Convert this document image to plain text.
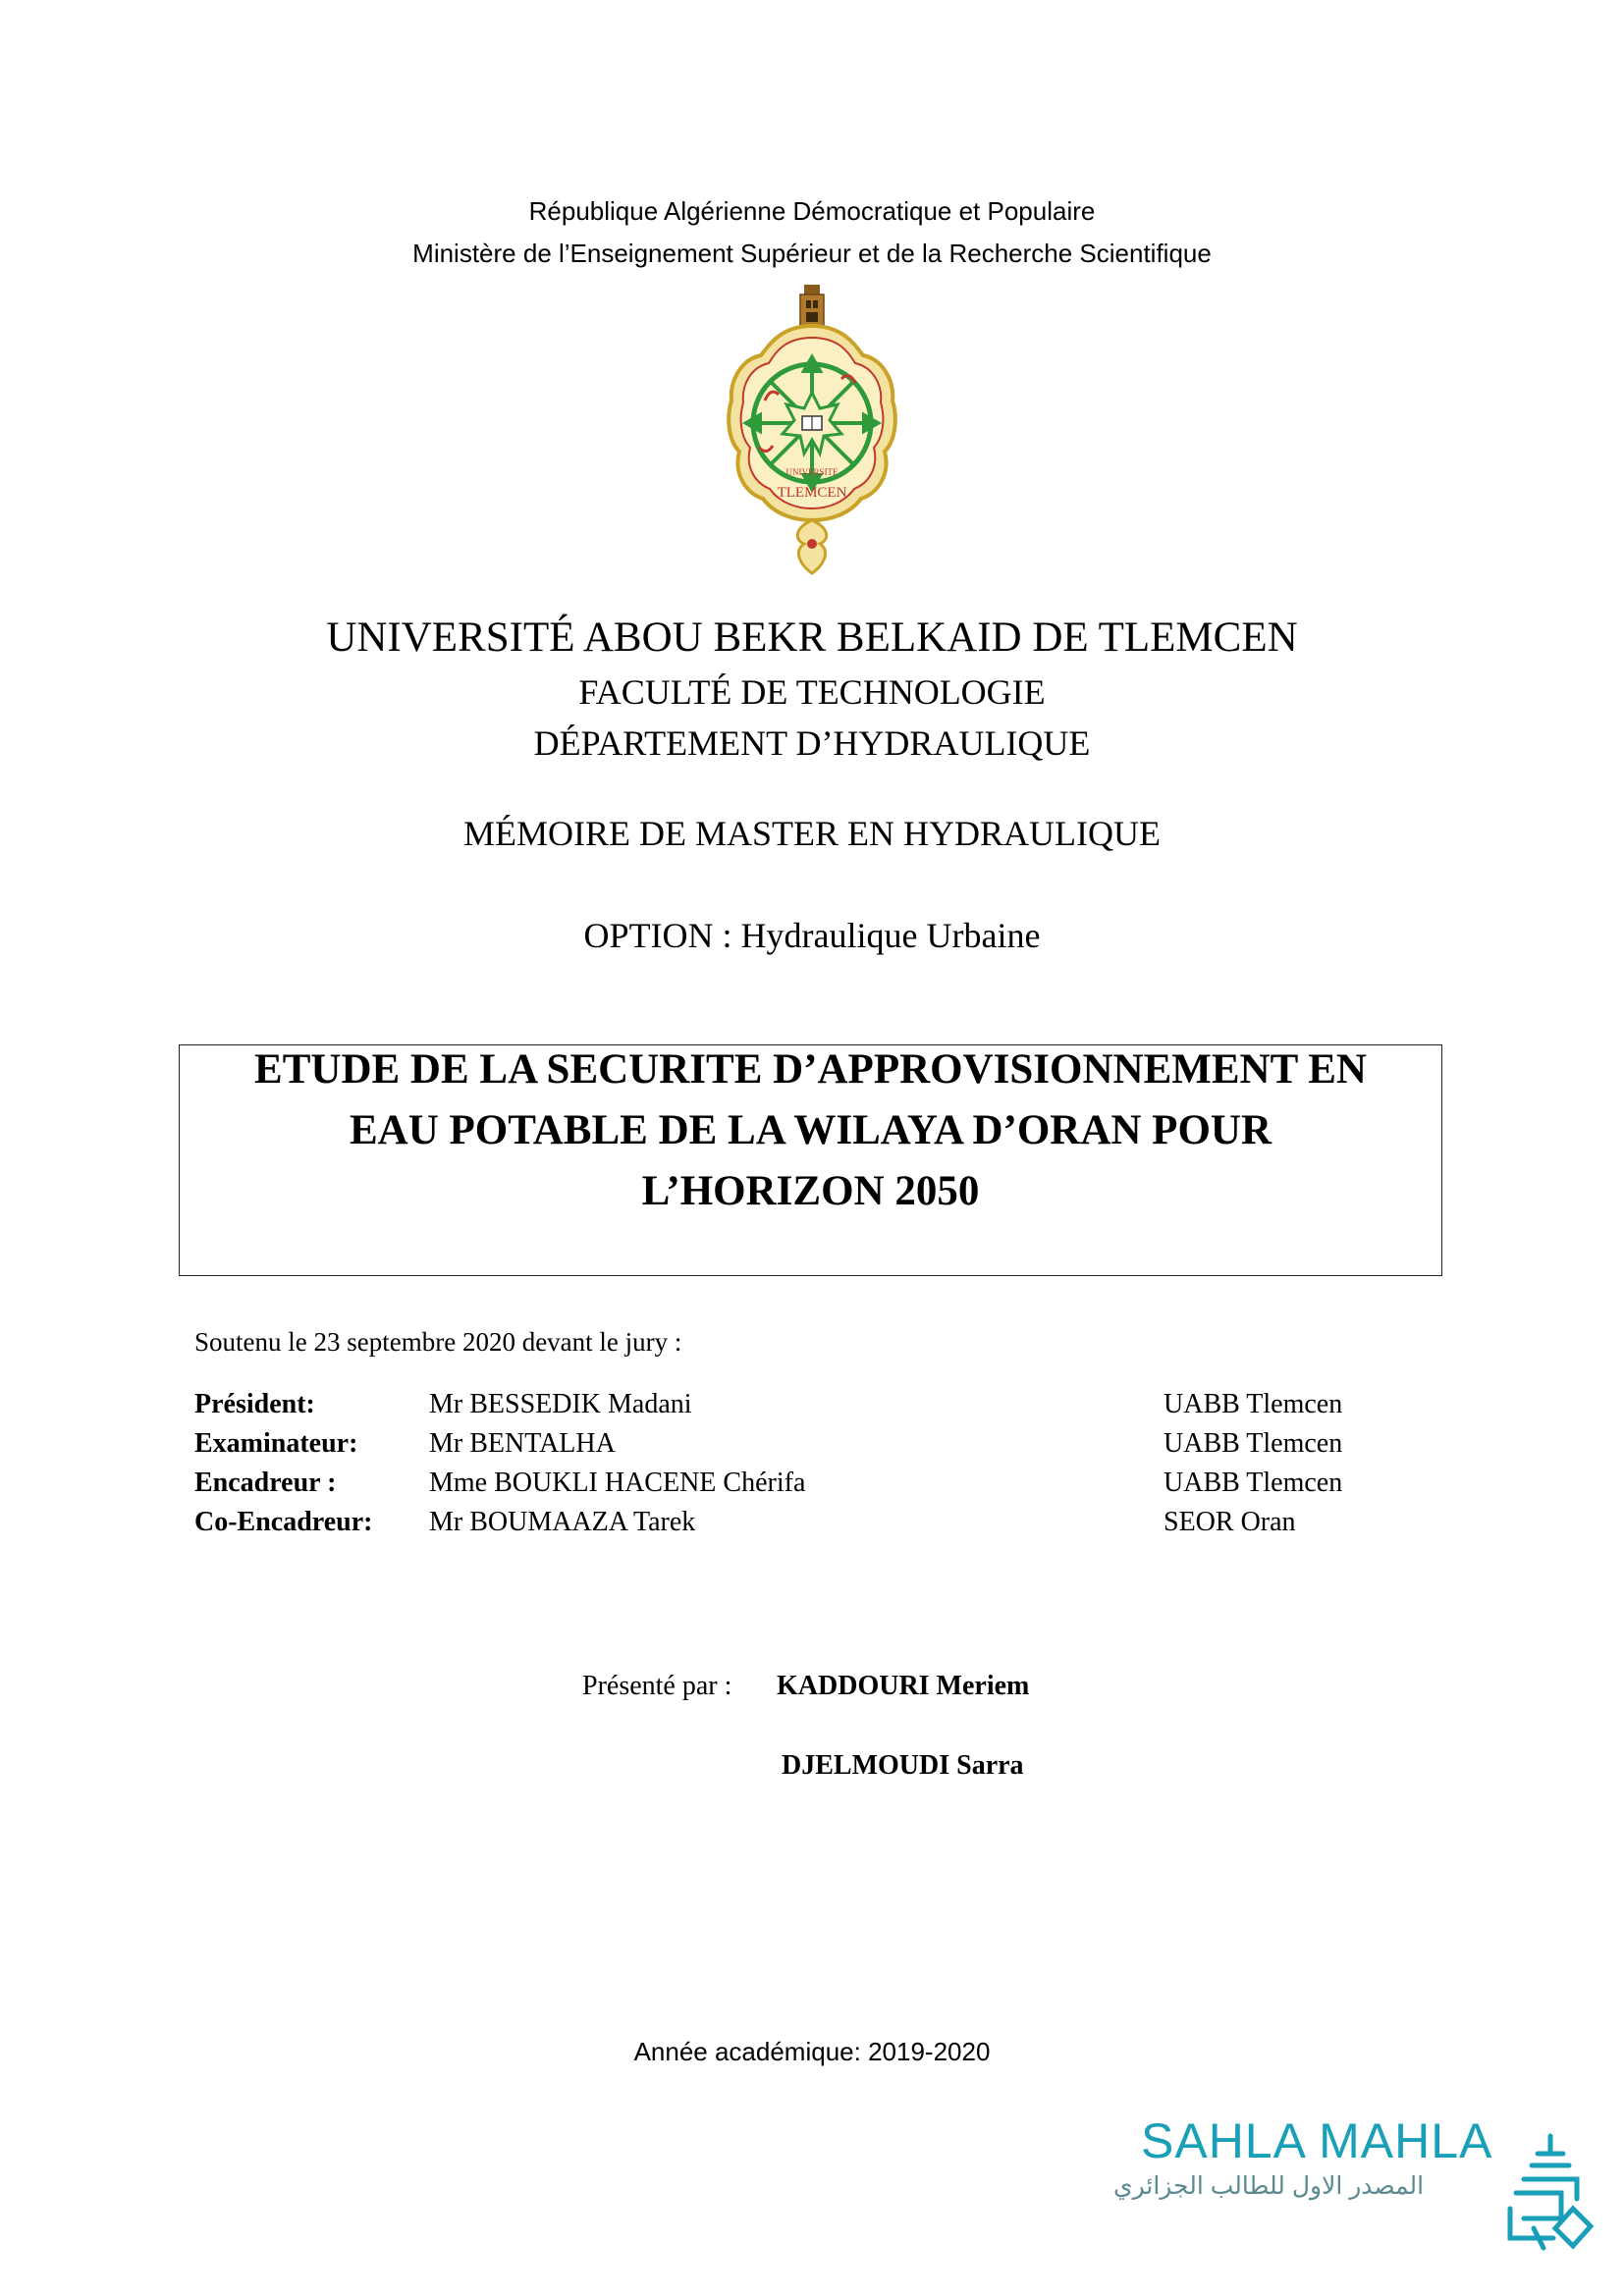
République Algérienne Démocratique et Populaire
Ministère de l’Enseignement Supérieur et de la Recherche Scientifique
UNIVERSITE
TLEMCEN
UNIVERSITÉ ABOU BEKR BELKAID DE TLEMCEN
FACULTÉ DE TECHNOLOGIE
DÉPARTEMENT D’HYDRAULIQUE
MÉMOIRE DE MASTER EN HYDRAULIQUE
OPTION : Hydraulique Urbaine
ETUDE DE LA SECURITE D’APPROVISIONNEMENT EN
EAU POTABLE DE LA WILAYA D’ORAN POUR
L’HORIZON 2050
Soutenu le 23 septembre 2020 devant le jury :
Président:	Mr BESSEDIK Madani	UABB Tlemcen
Examinateur:	Mr BENTALHA	UABB Tlemcen
Encadreur :	Mme BOUKLI HACENE Chérifa	UABB Tlemcen
Co-Encadreur: Mr BOUMAAZA Tarek	SEOR Oran
Présenté par : KADDOURI Meriem
DJELMOUDI Sarra
Année académique: 2019-2020
SAHLA MAHLA
المصدر الاول للطالب الجزائري
